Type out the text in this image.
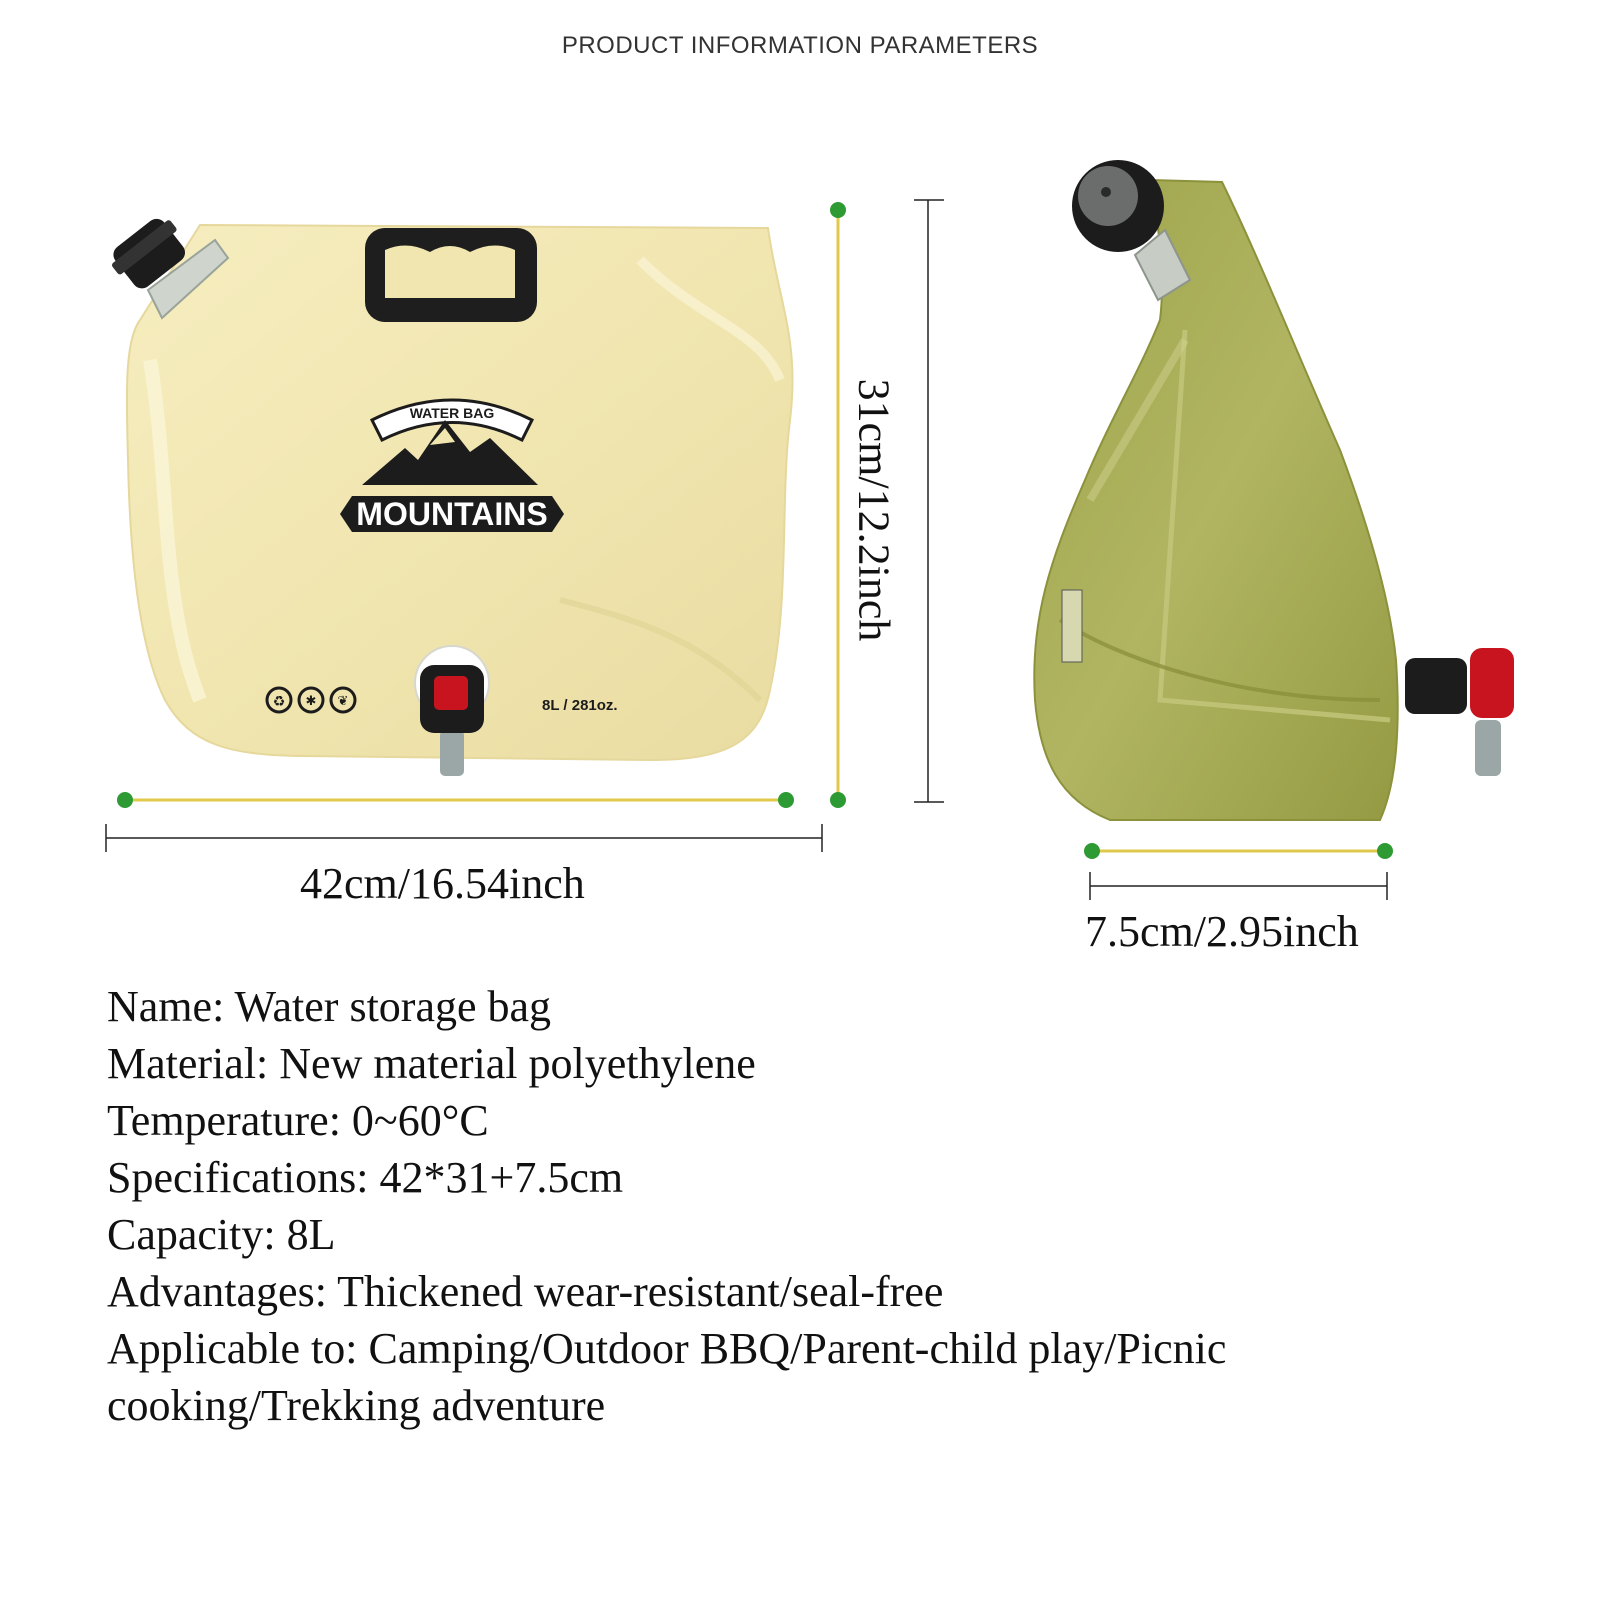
PRODUCT INFORMATION PARAMETERS
WATER BAG
MOUNTAINS
♻ ✱ ❦	8L / 281oz.
42cm/16.54inch
31cm/12.2inch
7.5cm/2.95inch
Name: Water storage bag
Material: New material polyethylene
Temperature: 0~60°C
Specifications: 42*31+7.5cm
Capacity: 8L
Advantages: Thickened wear-resistant/seal-free
Applicable to: Camping/Outdoor BBQ/Parent-child play/Picnic cooking/Trekking adventure
